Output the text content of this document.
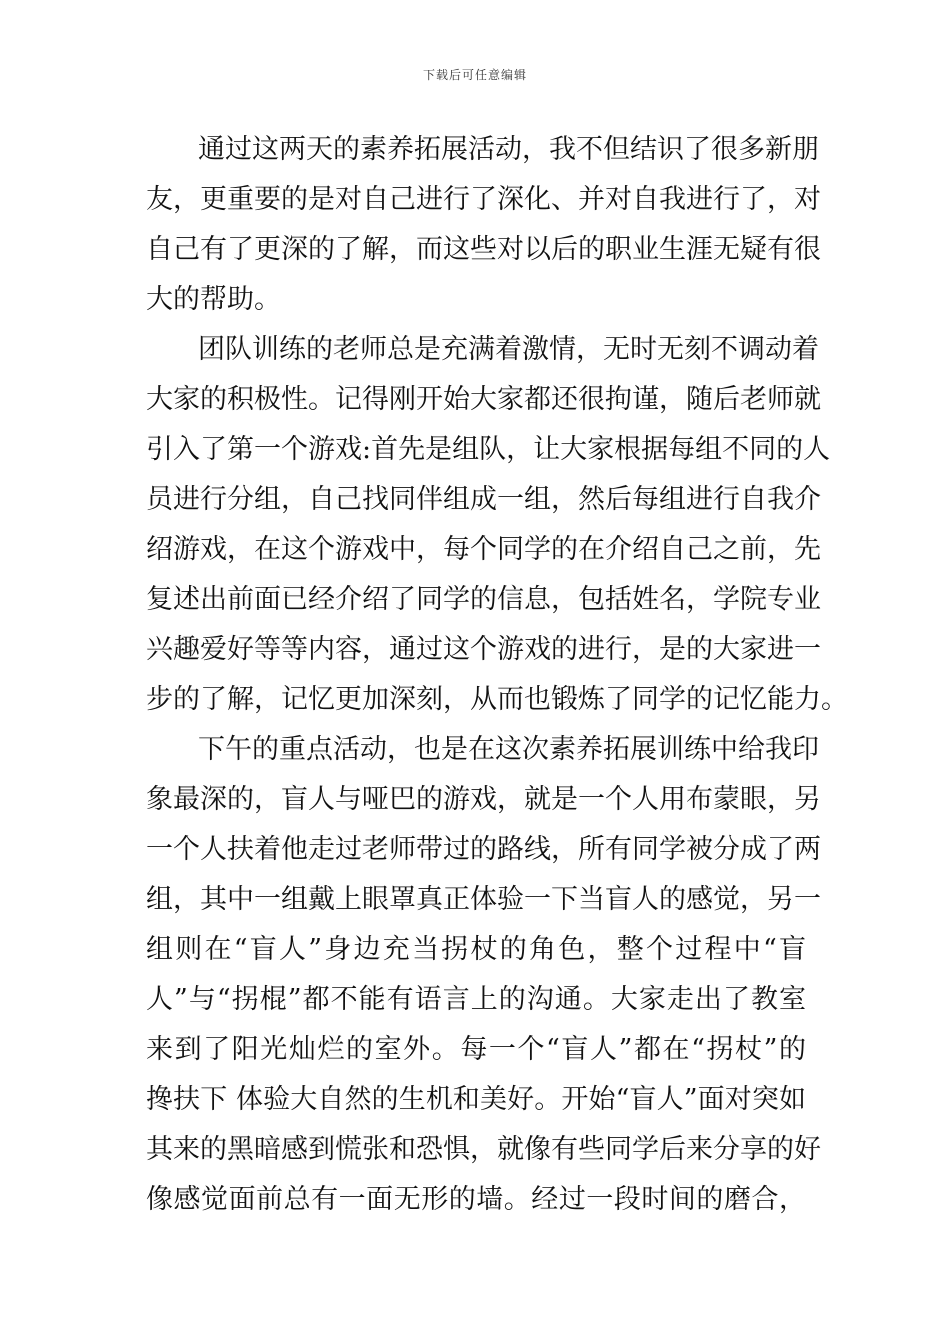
下载后可任意编辑
通过这两天的素养拓展活动，我不但结识了很多新朋
友，更重要的是对自己进行了深化、并对自我进行了，对
自己有了更深的了解，而这些对以后的职业生涯无疑有很
大的帮助。
团队训练的老师总是充满着激情，无时无刻不调动着
大家的积极性。记得刚开始大家都还很拘谨，随后老师就
引入了第一个游戏:首先是组队，让大家根据每组不同的人
员进行分组，自己找同伴组成一组，然后每组进行自我介
绍游戏，在这个游戏中，每个同学的在介绍自己之前，先
复述出前面已经介绍了同学的信息，包括姓名，学院专业
兴趣爱好等等内容，通过这个游戏的进行，是的大家进一
步的了解，记忆更加深刻，从而也锻炼了同学的记忆能力。
下午的重点活动，也是在这次素养拓展训练中给我印
象最深的，盲人与哑巴的游戏，就是一个人用布蒙眼，另
一个人扶着他走过老师带过的路线，所有同学被分成了两
组，其中一组戴上眼罩真正体验一下当盲人的感觉，另一
组则在“盲人”身边充当拐杖的角色，整个过程中“盲
人”与“拐棍”都不能有语言上的沟通。大家走出了教室
来到了阳光灿烂的室外。每一个“盲人”都在“拐杖”的
搀扶下 体验大自然的生机和美好。开始“盲人”面对突如
其来的黑暗感到慌张和恐惧，就像有些同学后来分享的好
像感觉面前总有一面无形的墙。经过一段时间的磨合，
